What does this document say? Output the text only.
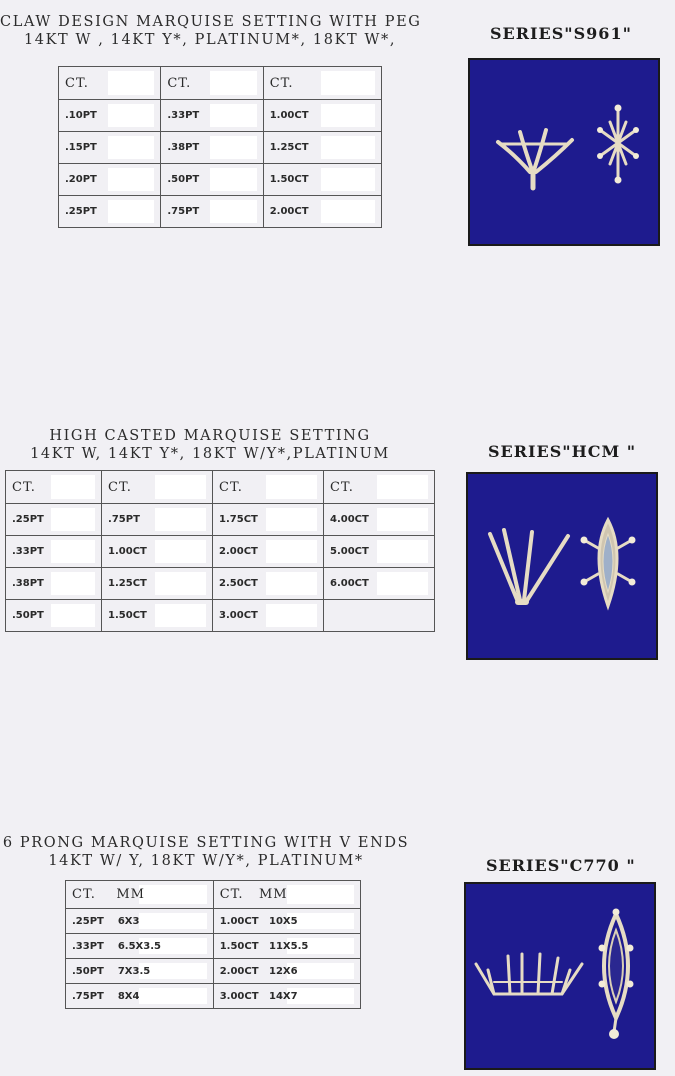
CLAW DESIGN MARQUISE SETTING WITH PEG
14KT W , 14KT Y*, PLATINUM*, 18KT W*,
CT.	CT.	CT.

.10PT	.33PT	1.00CT

.15PT	.38PT	1.25CT

.20PT	.50PT	1.50CT

.25PT	.75PT	2.00CT
SERIES"S961"
HIGH CASTED MARQUISE SETTING
14KT W, 14KT Y*, 18KT W/Y*,PLATINUM
CT.	CT.	CT.	CT.

.25PT	.75PT	1.75CT	4.00CT

.33PT	1.00CT	2.00CT	5.00CT

.38PT	1.25CT	2.50CT	6.00CT

.50PT	1.50CT	3.00CT	
SERIES"HCM "
6 PRONG MARQUISE SETTING WITH V ENDS
14KT W/ Y, 18KT W/Y*, PLATINUM*
CT. MM	CT. MM

.25PT 6X3	1.00CT 10X5

.33PT 6.5X3.5	1.50CT 11X5.5

.50PT 7X3.5	2.00CT 12X6

.75PT 8X4	3.00CT 14X7
SERIES"C770 "
